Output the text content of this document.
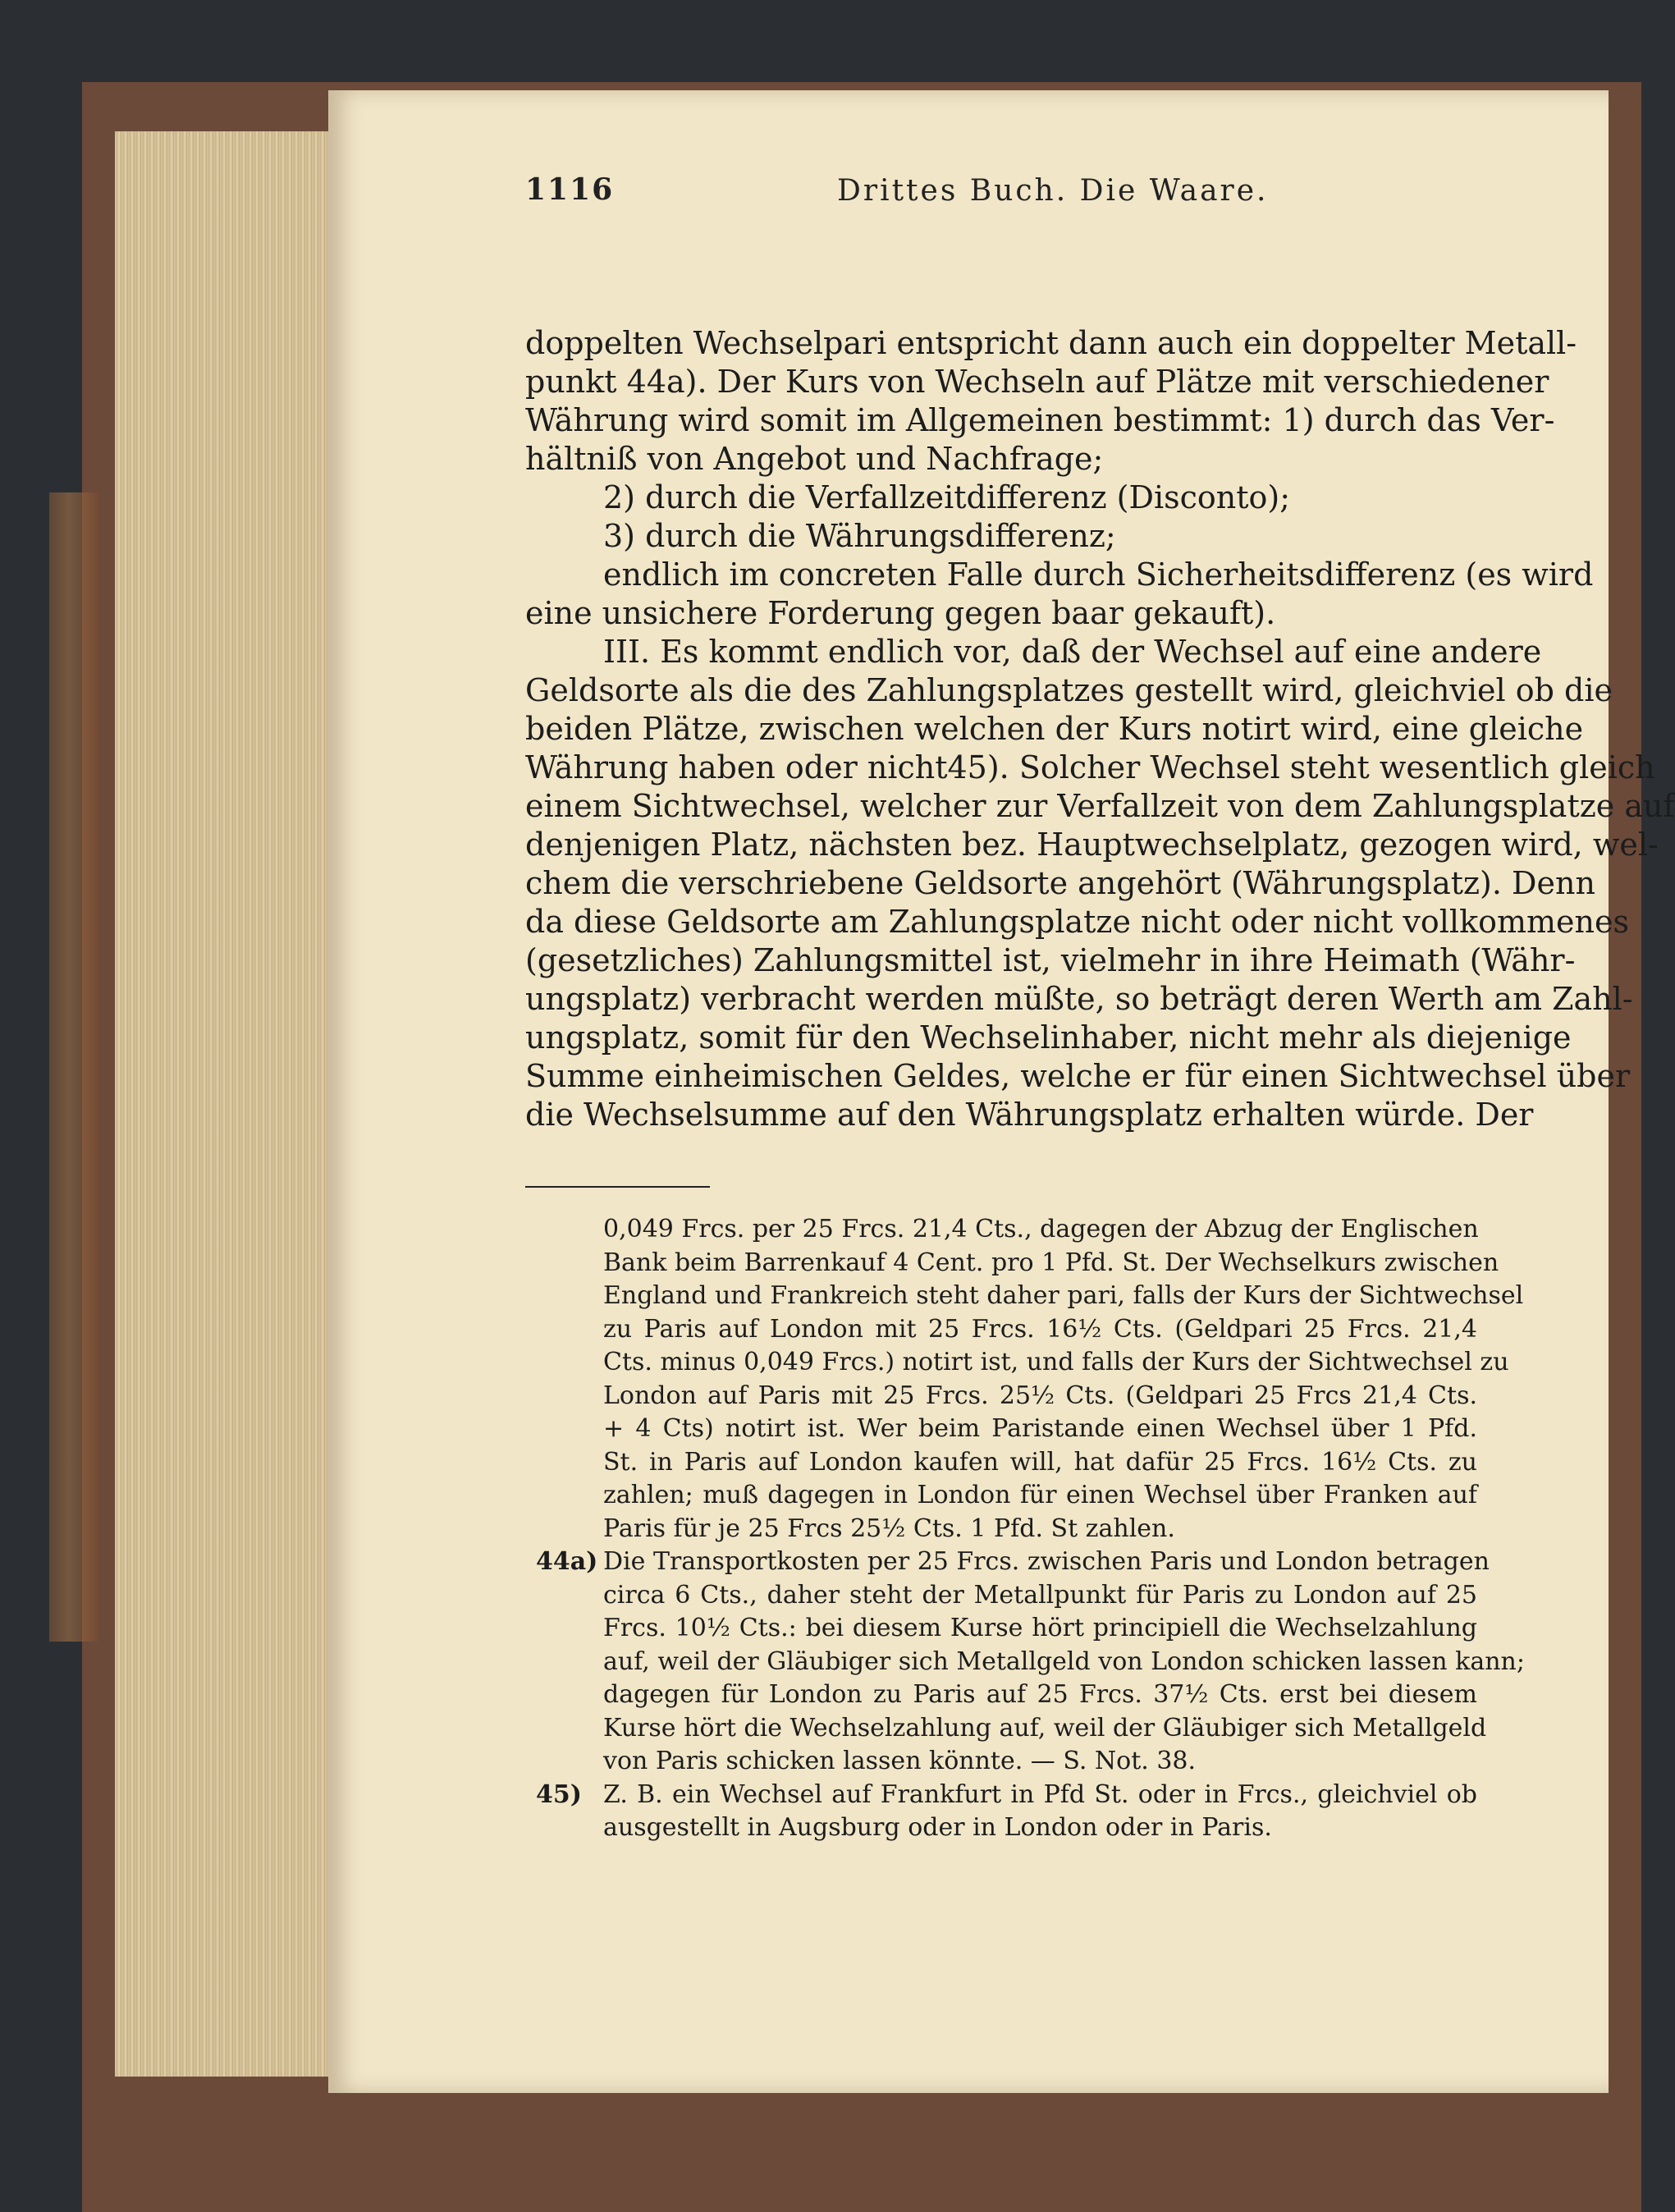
1116	Drittes Buch. Die Waare.
doppelten Wechselpari entspricht dann auch ein doppelter Metall-
punkt 44a). Der Kurs von Wechseln auf Plätze mit verschiedener
Währung wird somit im Allgemeinen bestimmt: 1) durch das Ver-
hältniß von Angebot und Nachfrage;
2) durch die Verfallzeitdifferenz (Disconto);
3) durch die Währungsdifferenz;
endlich im concreten Falle durch Sicherheitsdifferenz (es wird
eine unsichere Forderung gegen baar gekauft).
III. Es kommt endlich vor, daß der Wechsel auf eine andere
Geldsorte als die des Zahlungsplatzes gestellt wird, gleichviel ob die
beiden Plätze, zwischen welchen der Kurs notirt wird, eine gleiche
Währung haben oder nicht45). Solcher Wechsel steht wesentlich gleich
einem Sichtwechsel, welcher zur Verfallzeit von dem Zahlungsplatze auf
denjenigen Platz, nächsten bez. Hauptwechselplatz, gezogen wird, wel-
chem die verschriebene Geldsorte angehört (Währungsplatz). Denn
da diese Geldsorte am Zahlungsplatze nicht oder nicht vollkommenes
(gesetzliches) Zahlungsmittel ist, vielmehr in ihre Heimath (Währ-
ungsplatz) verbracht werden müßte, so beträgt deren Werth am Zahl-
ungsplatz, somit für den Wechselinhaber, nicht mehr als diejenige
Summe einheimischen Geldes, welche er für einen Sichtwechsel über
die Wechselsumme auf den Währungsplatz erhalten würde. Der
0,049 Frcs. per 25 Frcs. 21,4 Cts., dagegen der Abzug der Englischen
Bank beim Barrenkauf 4 Cent. pro 1 Pfd. St. Der Wechselkurs zwischen
England und Frankreich steht daher pari, falls der Kurs der Sichtwechsel
zu Paris auf London mit 25 Frcs. 16½ Cts. (Geldpari 25 Frcs. 21,4
Cts. minus 0,049 Frcs.) notirt ist, und falls der Kurs der Sichtwechsel zu
London auf Paris mit 25 Frcs. 25½ Cts. (Geldpari 25 Frcs 21,4 Cts.
+ 4 Cts) notirt ist. Wer beim Paristande einen Wechsel über 1 Pfd.
St. in Paris auf London kaufen will, hat dafür 25 Frcs. 16½ Cts. zu
zahlen; muß dagegen in London für einen Wechsel über Franken auf
Paris für je 25 Frcs 25½ Cts. 1 Pfd. St zahlen.
44a) Die Transportkosten per 25 Frcs. zwischen Paris und London betragen
circa 6 Cts., daher steht der Metallpunkt für Paris zu London auf 25
Frcs. 10½ Cts.: bei diesem Kurse hört principiell die Wechselzahlung
auf, weil der Gläubiger sich Metallgeld von London schicken lassen kann;
dagegen für London zu Paris auf 25 Frcs. 37½ Cts. erst bei diesem
Kurse hört die Wechselzahlung auf, weil der Gläubiger sich Metallgeld
von Paris schicken lassen könnte. — S. Not. 38.
45) Z. B. ein Wechsel auf Frankfurt in Pfd St. oder in Frcs., gleichviel ob
ausgestellt in Augsburg oder in London oder in Paris.
